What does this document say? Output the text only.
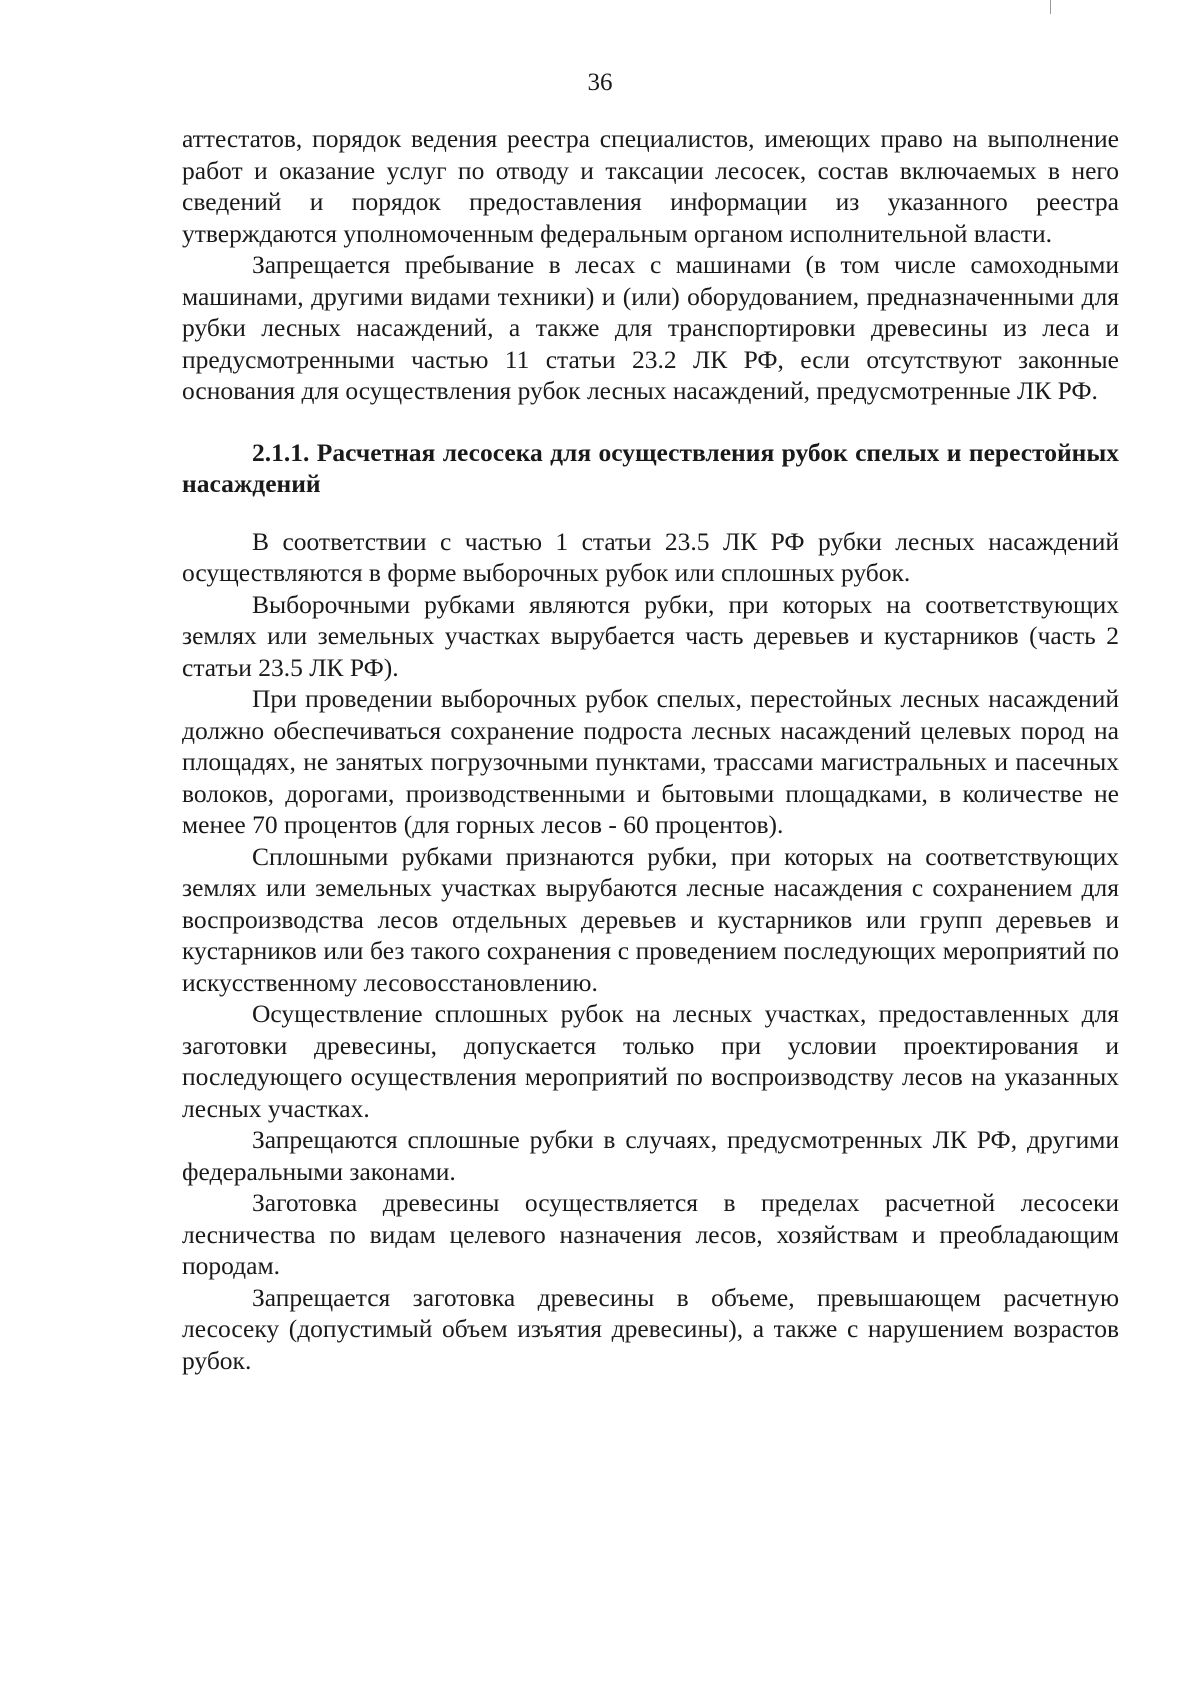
36

аттестатов, порядок ведения реестра специалистов, имеющих право на выполнение работ и оказание услуг по отводу и таксации лесосек, состав включаемых в него сведений и порядок предоставления информации из указанного реестра утверждаются уполномоченным федеральным органом исполнительной власти.

Запрещается пребывание в лесах с машинами (в том числе самоходными машинами, другими видами техники) и (или) оборудованием, предназначенными для рубки лесных насаждений, а также для транспортировки древесины из леса и предусмотренными частью 11 статьи 23.2 ЛК РФ, если отсутствуют законные основания для осуществления рубок лесных насаждений, предусмотренные ЛК РФ.

2.1.1. Расчетная лесосека для осуществления рубок спелых и перестойных насаждений

В соответствии с частью 1 статьи 23.5 ЛК РФ рубки лесных насаждений осуществляются в форме выборочных рубок или сплошных рубок.

Выборочными рубками являются рубки, при которых на соответствующих землях или земельных участках вырубается часть деревьев и кустарников (часть 2 статьи 23.5 ЛК РФ).

При проведении выборочных рубок спелых, перестойных лесных насаждений должно обеспечиваться сохранение подроста лесных насаждений целевых пород на площадях, не занятых погрузочными пунктами, трассами магистральных и пасечных волоков, дорогами, производственными и бытовыми площадками, в количестве не менее 70 процентов (для горных лесов - 60 процентов).

Сплошными рубками признаются рубки, при которых на соответствующих землях или земельных участках вырубаются лесные насаждения с сохранением для воспроизводства лесов отдельных деревьев и кустарников или групп деревьев и кустарников или без такого сохранения с проведением последующих мероприятий по искусственному лесовосстановлению.

Осуществление сплошных рубок на лесных участках, предоставленных для заготовки древесины, допускается только при условии проектирования и последующего осуществления мероприятий по воспроизводству лесов на указанных лесных участках.

Запрещаются сплошные рубки в случаях, предусмотренных ЛК РФ, другими федеральными законами.

Заготовка древесины осуществляется в пределах расчетной лесосеки лесничества по видам целевого назначения лесов, хозяйствам и преобладающим породам.

Запрещается заготовка древесины в объеме, превышающем расчетную лесосеку (допустимый объем изъятия древесины), а также с нарушением возрастов рубок.
